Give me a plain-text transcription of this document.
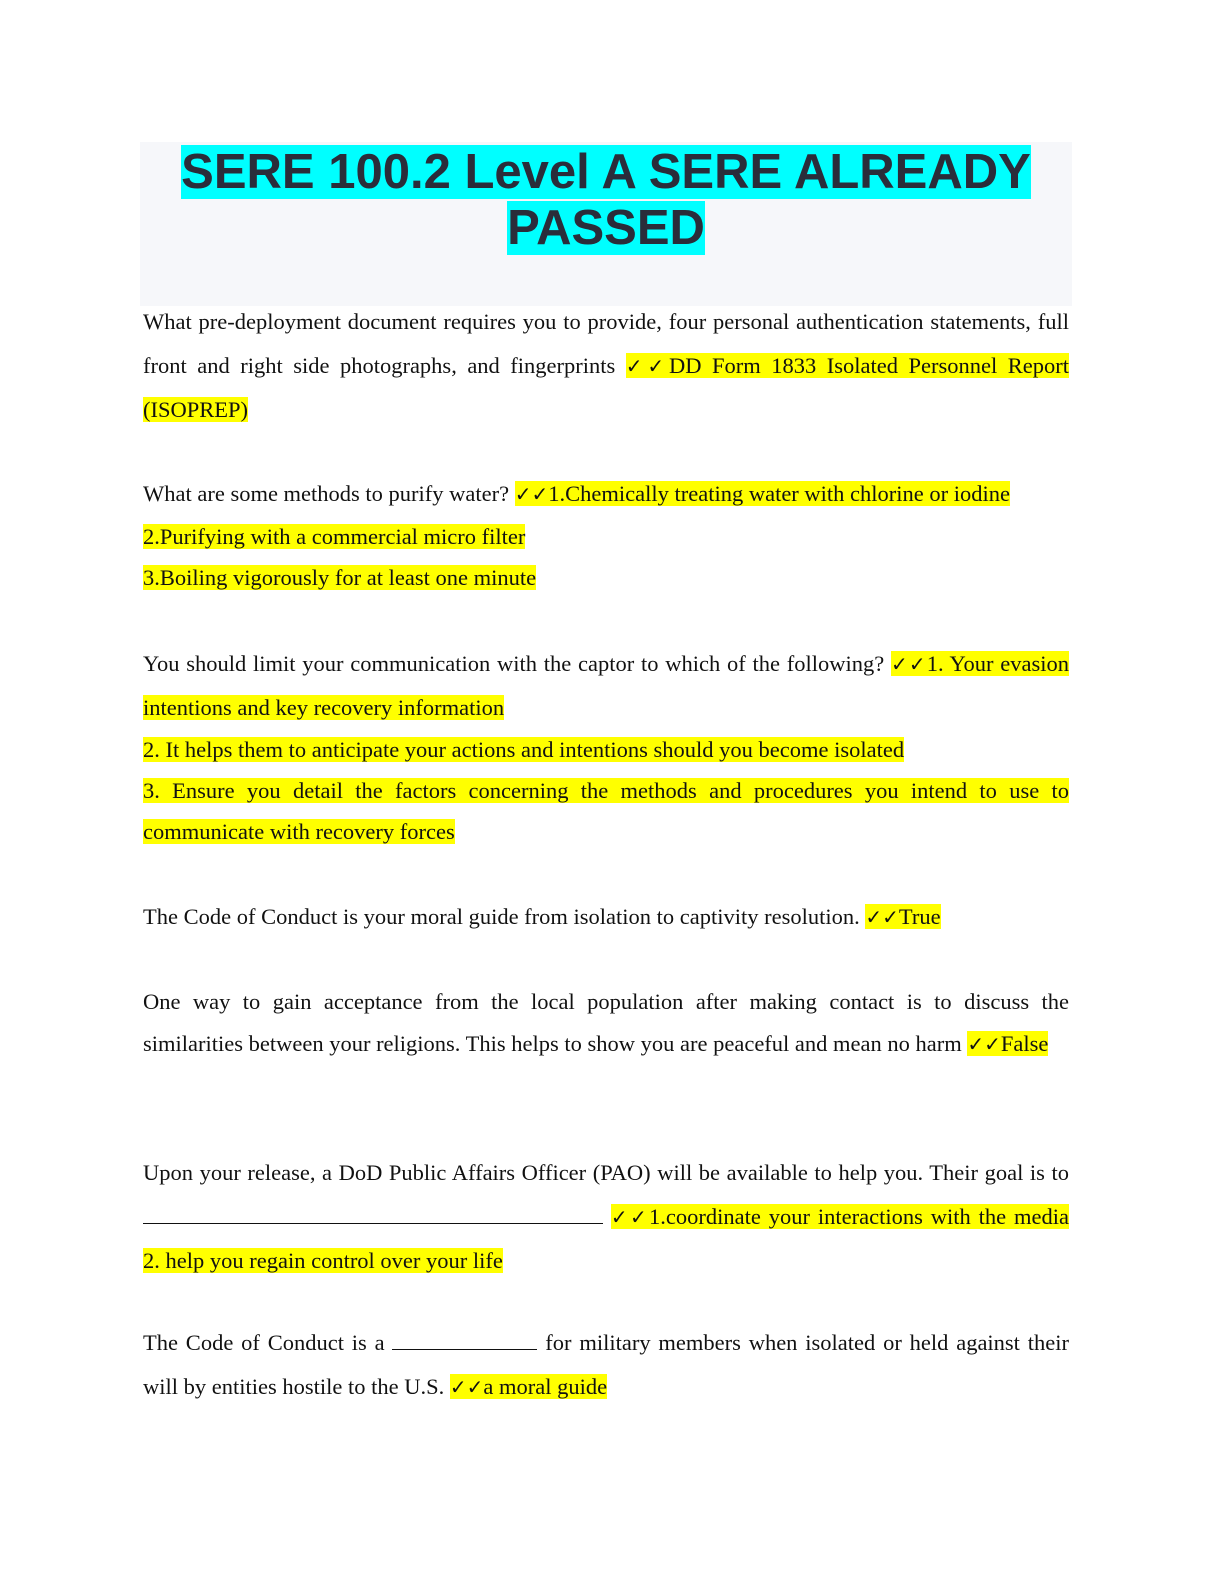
SERE 100.2 Level A SERE ALREADY PASSED

What pre-deployment document requires you to provide, four personal authentication statements, full front and right side photographs, and fingerprints ✓✓DD Form 1833 Isolated Personnel Report (ISOPREP)

What are some methods to purify water? ✓✓1.Chemically treating water with chlorine or iodine

2.Purifying with a commercial micro filter

3.Boiling vigorously for at least one minute

You should limit your communication with the captor to which of the following? ✓✓1. Your evasion intentions and key recovery information

2. It helps them to anticipate your actions and intentions should you become isolated

3. Ensure you detail the factors concerning the methods and procedures you intend to use to communicate with recovery forces

The Code of Conduct is your moral guide from isolation to captivity resolution. ✓✓True

One way to gain acceptance from the local population after making contact is to discuss the similarities between your religions. This helps to show you are peaceful and mean no harm ✓✓False

Upon your release, a DoD Public Affairs Officer (PAO) will be available to help you. Their goal is to ✓✓1.coordinate your interactions with the media 2. help you regain control over your life

The Code of Conduct is a	for military members when isolated or held against their will by entities hostile to the U.S. ✓✓a moral guide
